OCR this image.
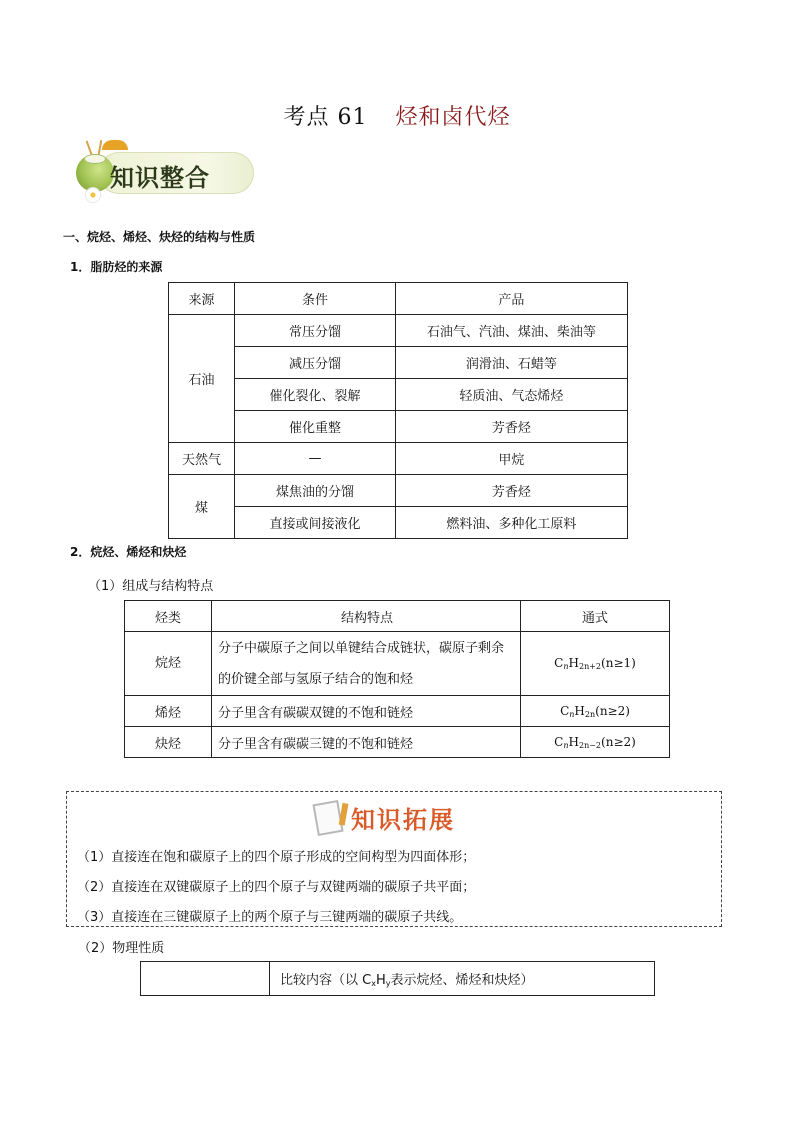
考点 61 烃和卤代烃
知识整合
一、烷烃、烯烃、炔烃的结构与性质
1．脂肪烃的来源
来源	条件	产品
石油	常压分馏	石油气、汽油、煤油、柴油等
	减压分馏	润滑油、石蜡等
	催化裂化、裂解	轻质油、气态烯烃
	催化重整	芳香烃
天然气	—	甲烷
煤	煤焦油的分馏	芳香烃
	直接或间接液化	燃料油、多种化工原料
2．烷烃、烯烃和炔烃
（1）组成与结构特点
烃类	结构特点	通式
烷烃	分子中碳原子之间以单键结合成链状，碳原子剩余的价键全部与氢原子结合的饱和烃	$C_nH_{2n+2}(n\ge 1)$
烯烃	分子里含有碳碳双键的不饱和链烃	$C_nH_{2n}(n\ge 2)$
炔烃	分子里含有碳碳三键的不饱和链烃	$C_nH_{2n-2}(n\ge 2)$
知识拓展
（1）直接连在饱和碳原子上的四个原子形成的空间构型为四面体形；
（2）直接连在双键碳原子上的四个原子与双键两端的碳原子共平面；
（3）直接连在三键碳原子上的两个原子与三键两端的碳原子共线。
（2）物理性质
	比较内容（以 $C_xH_y$表示烷烃、烯烃和炔烃）
